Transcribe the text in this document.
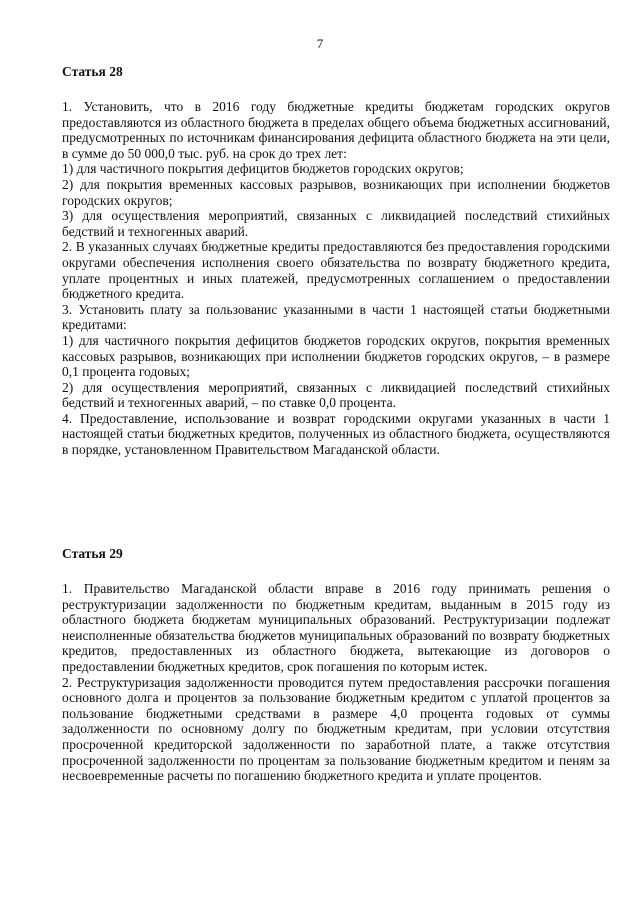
7

Статья 28

1. Установить, что в 2016 году бюджетные кредиты бюджетам городских округов предоставляются из областного бюджета в пределах общего объема бюджетных ассигнований, предусмотренных по источникам финансирования дефицита областного бюджета на эти цели, в сумме до 50 000,0 тыс. руб. на срок до трех лет:

1) для частичного покрытия дефицитов бюджетов городских округов;

2) для покрытия временных кассовых разрывов, возникающих при исполнении бюджетов городских округов;

3) для осуществления мероприятий, связанных с ликвидацией последствий стихийных бедствий и техногенных аварий.

2. В указанных случаях бюджетные кредиты предоставляются без предоставления городскими округами обеспечения исполнения своего обязательства по возврату бюджетного кредита, уплате процентных и иных платежей, предусмотренных соглашением о предоставлении бюджетного кредита.

3. Установить плату за пользованис указанными в части 1 настоящей статьи бюджетными кредитами:

1) для частичного покрытия дефицитов бюджетов городских округов, покрытия временных кассовых разрывов, возникающих при исполнении бюджетов городских округов, – в размере 0,1 процента годовых;

2) для осуществления мероприятий, связанных с ликвидацией последствий стихийных бедствий и техногенных аварий, – по ставке 0,0 процента.

4. Предоставление, использование и возврат городскими округами указанных в части 1 настоящей статьи бюджетных кредитов, полученных из областного бюджета, осуществляются в порядке, установленном Правительством Магаданской области.

Статья 29

1. Правительство Магаданской области вправе в 2016 году принимать решения о реструктуризации задолженности по бюджетным кредитам, выданным в 2015 году из областного бюджета бюджетам муниципальных образований. Реструктуризации подлежат неисполненные обязательства бюджетов муниципальных образований по возврату бюджетных кредитов, предоставленных из областного бюджета, вытекающие из договоров о предоставлении бюджетных кредитов, срок погашения по которым истек.

2. Реструктуризация задолженности проводится путем предоставления рассрочки погашения основного долга и процентов за пользование бюджетным кредитом с уплатой процентов за пользование бюджетными средствами в размере 4,0 процента годовых от суммы задолженности по основному долгу по бюджетным кредитам, при условии отсутствия просроченной кредиторской задолженности по заработной плате, а также отсутствия просроченной задолженности по процентам за пользование бюджетным кредитом и пеням за несвоевременные расчеты по погашению бюджетного кредита и уплате процентов.
